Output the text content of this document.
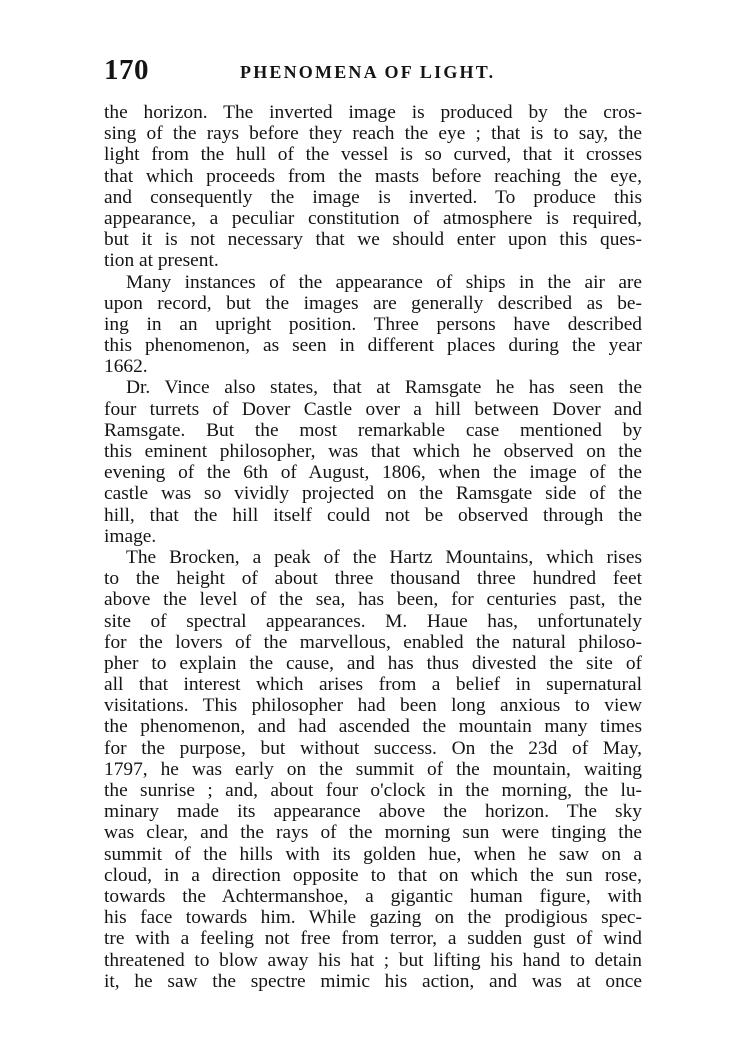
170	PHENOMENA OF LIGHT.
the horizon. The inverted image is produced by the cros-
sing of the rays before they reach the eye ; that is to say, the
light from the hull of the vessel is so curved, that it crosses
that which proceeds from the masts before reaching the eye,
and consequently the image is inverted. To produce this
appearance, a peculiar constitution of atmosphere is required,
but it is not necessary that we should enter upon this ques-
tion at present.
Many instances of the appearance of ships in the air are
upon record, but the images are generally described as be-
ing in an upright position. Three persons have described
this phenomenon, as seen in different places during the year
1662.
Dr. Vince also states, that at Ramsgate he has seen the
four turrets of Dover Castle over a hill between Dover and
Ramsgate. But the most remarkable case mentioned by
this eminent philosopher, was that which he observed on the
evening of the 6th of August, 1806, when the image of the
castle was so vividly projected on the Ramsgate side of the
hill, that the hill itself could not be observed through the
image.
The Brocken, a peak of the Hartz Mountains, which rises
to the height of about three thousand three hundred feet
above the level of the sea, has been, for centuries past, the
site of spectral appearances. M. Haue has, unfortunately
for the lovers of the marvellous, enabled the natural philoso-
pher to explain the cause, and has thus divested the site of
all that interest which arises from a belief in supernatural
visitations. This philosopher had been long anxious to view
the phenomenon, and had ascended the mountain many times
for the purpose, but without success. On the 23d of May,
1797, he was early on the summit of the mountain, waiting
the sunrise ; and, about four o'clock in the morning, the lu-
minary made its appearance above the horizon. The sky
was clear, and the rays of the morning sun were tinging the
summit of the hills with its golden hue, when he saw on a
cloud, in a direction opposite to that on which the sun rose,
towards the Achtermanshoe, a gigantic human figure, with
his face towards him. While gazing on the prodigious spec-
tre with a feeling not free from terror, a sudden gust of wind
threatened to blow away his hat ; but lifting his hand to detain
it, he saw the spectre mimic his action, and was at once
